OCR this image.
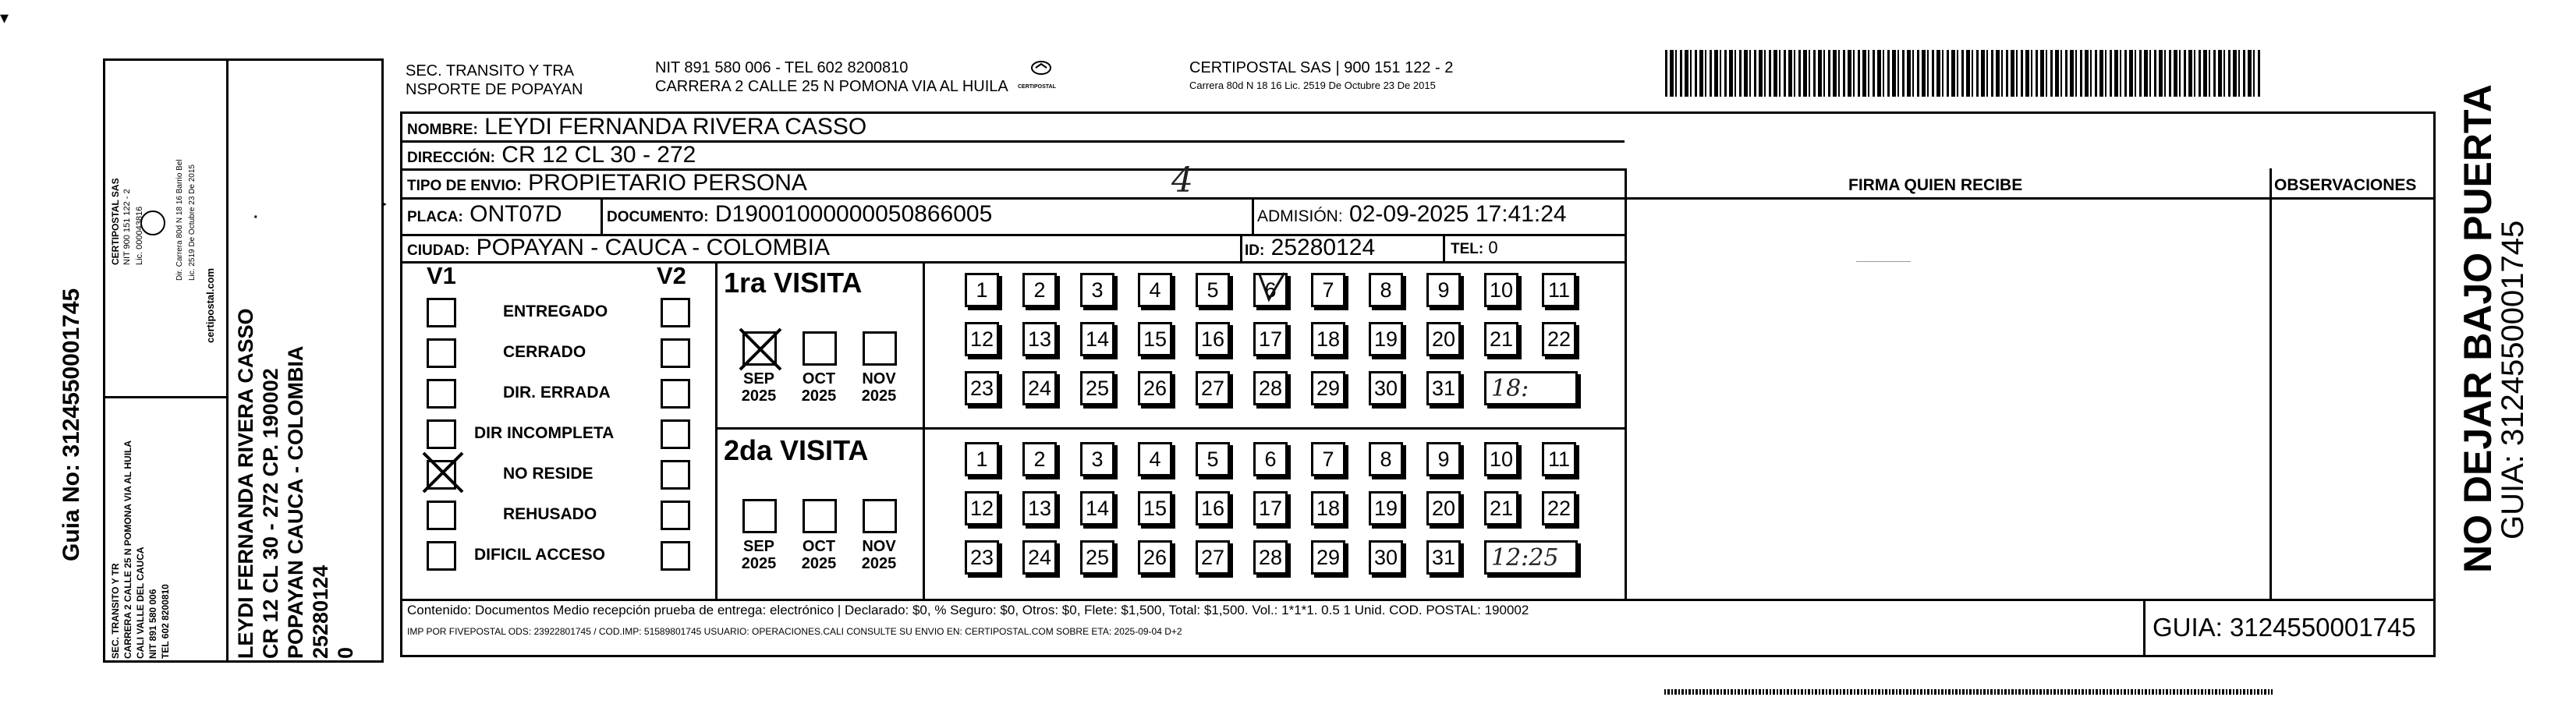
▾
Guia No: 3124550001745
SEC. TRANSITO Y TR CARRERA 2 CALLE 25 N POMONA VIA AL HUILA CALI VALLE DEL CAUCA NIT 891 580 006 TEL 602 8200810
CERTIPOSTAL SAS NIT 900 151 122 - 2 Lic. 000043816	Dir. Carrera 80d N 18 16 Barrio Bel Lic. 2519 De Octubre 23 De 2015
certipostal.com
·
LEYDI FERNANDA RIVERA CASSO CR 12 CL 30 - 272 CP. 190002 POPAYAN CAUCA - COLOMBIA 25280124 0
‣
SEC. TRANSITO Y TRA
NSPORTE DE POPAYAN
NIT 891 580 006 - TEL 602 8200810
CARRERA 2 CALLE 25 N POMONA VIA AL HUILA CERTIPOSTAL
CERTIPOSTAL SAS | 900 151 122 - 2
Carrera 80d N 18 16 Lic. 2519 De Octubre 23 De 2015
NOMBRE: LEYDI FERNANDA RIVERA CASSO
DIRECCIÓN: CR 12 CL 30 - 272
TIPO DE ENVIO: PROPIETARIO PERSONA	4
PLACA: ONT07D	DOCUMENTO: D19001000000050866005	ADMISIÓN: 02-09-2025 17:41:24
CIUDAD: POPAYAN - CAUCA - COLOMBIA	ID: 25280124	TEL: 0
V1	V2
ENTREGADO
CERRADO
DIR. ERRADA
DIR INCOMPLETA
NO RESIDE
REHUSADO
DIFICIL ACCESO
1ra VISITA
2da VISITA
SEP
2025
OCT
2025
NOV
2025
SEP
2025
OCT
2025
NOV
2025
1	2	3	4	5	6	7	8	9	10 11
12 13 14 15 16 17 18 19 20 21 22
23 24 25 26 27 28 29 30 31 18:
1	2	3	4	5	6	7	8	9	10 11
12 13 14 15 16 17 18 19 20 21 22
23 24 25 26 27 28 29 30 31 12:25
FIRMA QUIEN RECIBE	OBSERVACIONES
Contenido: Documentos Medio recepción prueba de entrega: electrónico | Declarado: $0, % Seguro: $0, Otros: $0, Flete: $1,500, Total: $1,500. Vol.: 1*1*1. 0.5 1 Unid. COD. POSTAL: 190002
IMP POR FIVEPOSTAL ODS: 23922801745 / COD.IMP: 51589801745 USUARIO: OPERACIONES.CALI CONSULTE SU ENVIO EN: CERTIPOSTAL.COM SOBRE ETA: 2025-09-04 D+2	GUIA: 3124550001745
NO DEJAR BAJO PUERTA
GUIA: 3124550001745
